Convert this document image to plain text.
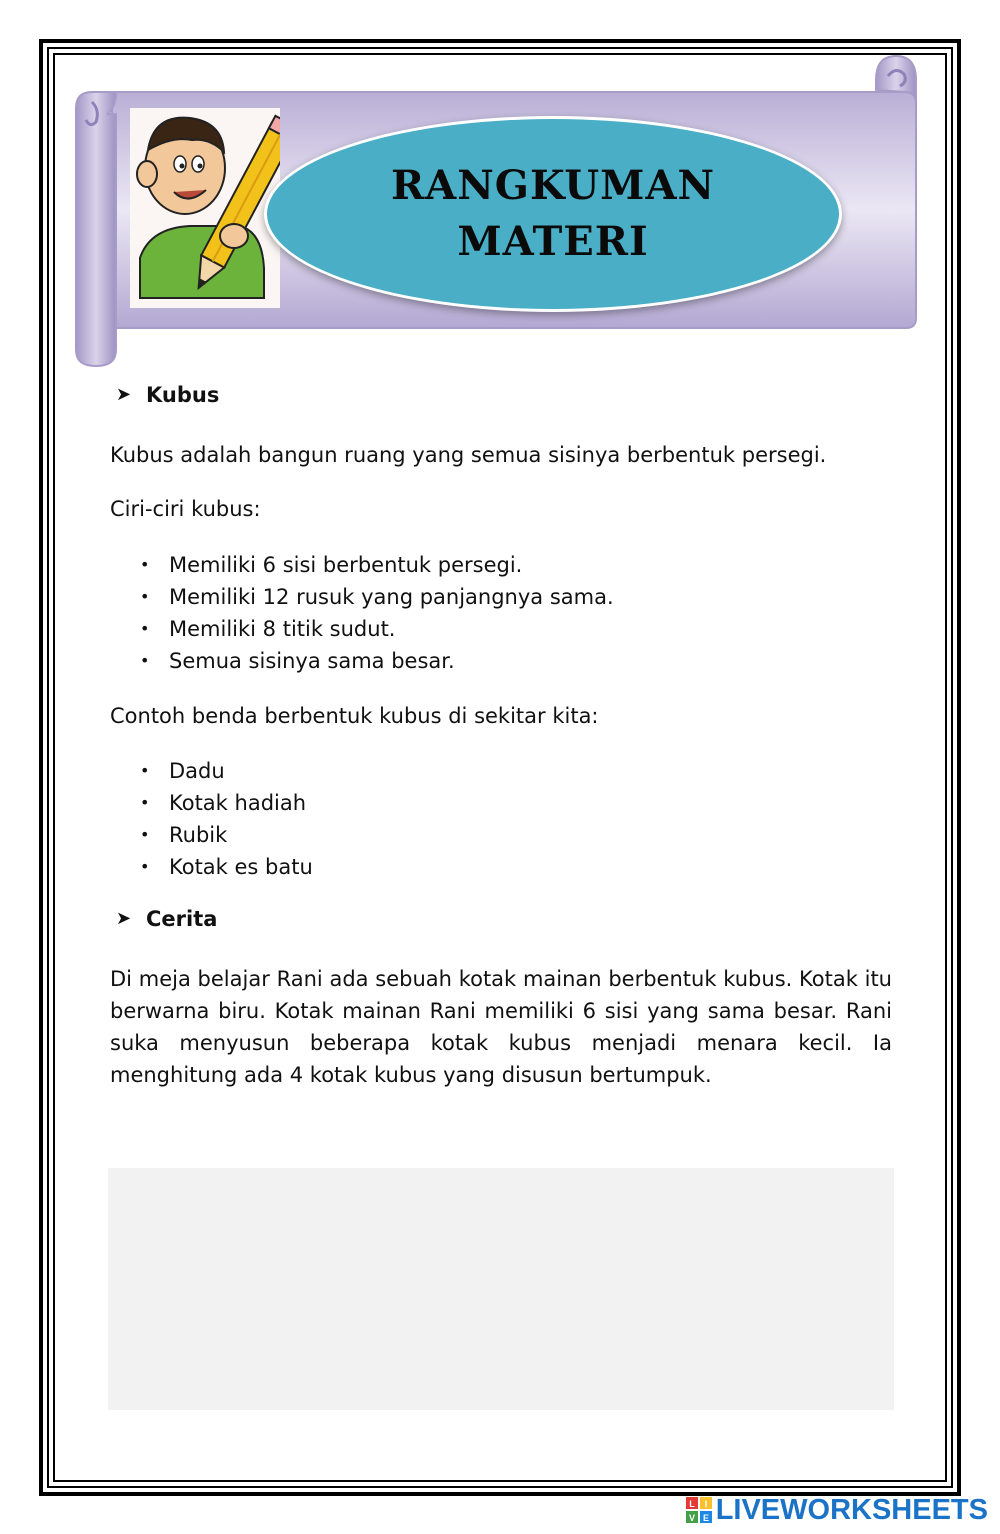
RANGKUMAN
MATERI
➤ Kubus

Kubus adalah bangun ruang yang semua sisinya berbentuk persegi.

Ciri-ciri kubus:

• Memiliki 6 sisi berbentuk persegi.
• Memiliki 12 rusuk yang panjangnya sama.
• Memiliki 8 titik sudut.
• Semua sisinya sama besar.

Contoh benda berbentuk kubus di sekitar kita:

• Dadu
• Kotak hadiah
• Rubik
• Kotak es batu
➤ Cerita

Di meja belajar Rani ada sebuah kotak mainan berbentuk kubus. Kotak itu berwarna biru. Kotak mainan Rani memiliki 6 sisi yang sama besar. Rani suka menyusun beberapa kotak kubus menjadi menara kecil. Ia menghitung ada 4 kotak kubus yang disusun bertumpuk.

L I
V E LIVEWORKSHEETS
